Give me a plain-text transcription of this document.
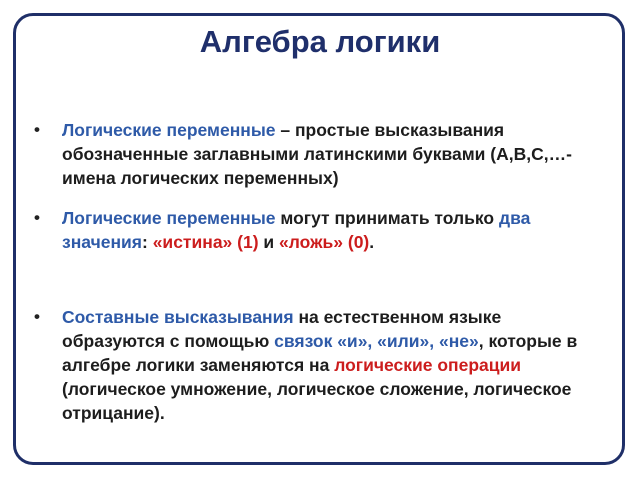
Алгебра логики
• Логические переменные – простые высказывания обозначенные заглавными латинскими буквами (А,В,С,…- имена логических переменных)
• Логические переменные могут принимать только два значения: «истина» (1) и «ложь» (0).
• Составные высказывания на естественном языке образуются с помощью связок «и», «или», «не», которые в алгебре логики заменяются на логические операции (логическое умножение, логическое сложение, логическое отрицание).
